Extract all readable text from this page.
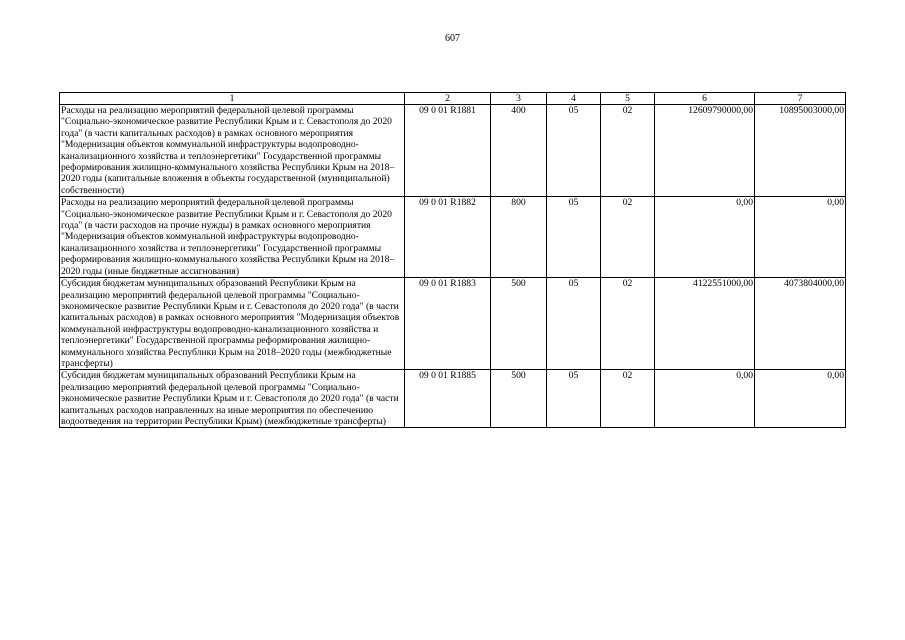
607
1	2	3	4	5	6	7
Расходы на реализацию мероприятий федеральной целевой программы "Социально-экономическое развитие Республики Крым и г. Севастополя до 2020 года" (в части капитальных расходов) в рамках основного мероприятия "Модернизация объектов коммунальной инфраструктуры водопроводно-канализационного хозяйства и теплоэнергетики" Государственной программы реформирования жилищно-коммунального хозяйства Республики Крым на 2018–2020 годы (капитальные вложения в объекты государственной (муниципальной) собственности)	09 0 01 R1881	400	05	02	12609790000,00	10895003000,00
Расходы на реализацию мероприятий федеральной целевой программы "Социально-экономическое развитие Республики Крым и г. Севастополя до 2020 года" (в части расходов на прочие нужды) в рамках основного мероприятия "Модернизация объектов коммунальной инфраструктуры водопроводно-канализационного хозяйства и теплоэнергетики" Государственной программы реформирования жилищно-коммунального хозяйства Республики Крым на 2018–2020 годы (иные бюджетные ассигнования)	09 0 01 R1882	800	05	02	0,00	0,00
Субсидия бюджетам муниципальных образований Республики Крым на реализацию мероприятий федеральной целевой программы "Социально-экономическое развитие Республики Крым и г. Севастополя до 2020 года" (в части капитальных расходов) в рамках основного мероприятия "Модернизация объектов коммунальной инфраструктуры водопроводно-канализационного хозяйства и теплоэнергетики" Государственной программы реформирования жилищно-коммунального хозяйства Республики Крым на 2018–2020 годы (межбюджетные трансферты)	09 0 01 R1883	500	05	02	4122551000,00	4073804000,00
Субсидия бюджетам муниципальных образований Республики Крым на реализацию мероприятий федеральной целевой программы "Социально-экономическое развитие Республики Крым и г. Севастополя до 2020 года" (в части капитальных расходов направленных на иные мероприятия по обеспечению водоотведения на территории Республики Крым) (межбюджетные трансферты)	09 0 01 R1885	500	05	02	0,00	0,00
